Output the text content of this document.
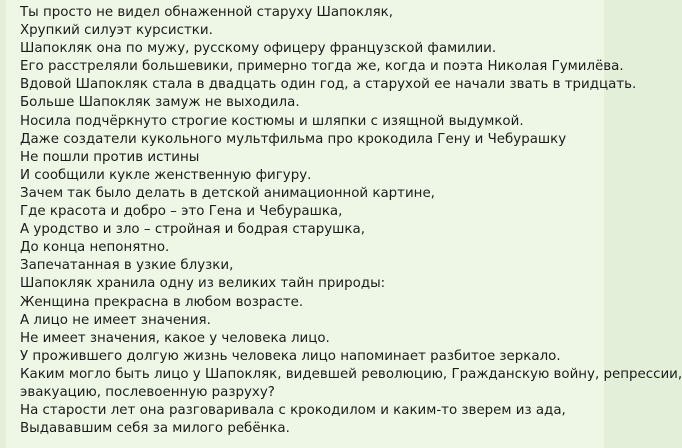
Ты просто не видел обнаженной старуху Шапокляк,

Хрупкий силуэт курсистки.

Шапокляк она по мужу, русскому офицеру французской фамилии.

Его расстреляли большевики, примерно тогда же, когда и поэта Николая Гумилёва.

Вдовой Шапокляк стала в двадцать один год, а старухой ее начали звать в тридцать.

Больше Шапокляк замуж не выходила.

Носила подчёркнуто строгие костюмы и шляпки с изящной выдумкой.

Даже создатели кукольного мультфильма про крокодила Гену и Чебурашку

Не пошли против истины

И сообщили кукле женственную фигуру.

Зачем так было делать в детской анимационной картине,

Где красота и добро – это Гена и Чебурашка,

А уродство и зло – стройная и бодрая старушка,

До конца непонятно.

Запечатанная в узкие блузки,

Шапокляк хранила одну из великих тайн природы:

Женщина прекрасна в любом возрасте.

А лицо не имеет значения.

Не имеет значения, какое у человека лицо.

У прожившего долгую жизнь человека лицо напоминает разбитое зеркало.

Каким могло быть лицо у Шапокляк, видевшей революцию, Гражданскую войну, репрессии,

эвакуацию, послевоенную разруху?

На старости лет она разговаривала с крокодилом и каким-то зверем из ада,

Выдававшим себя за милого ребёнка.
